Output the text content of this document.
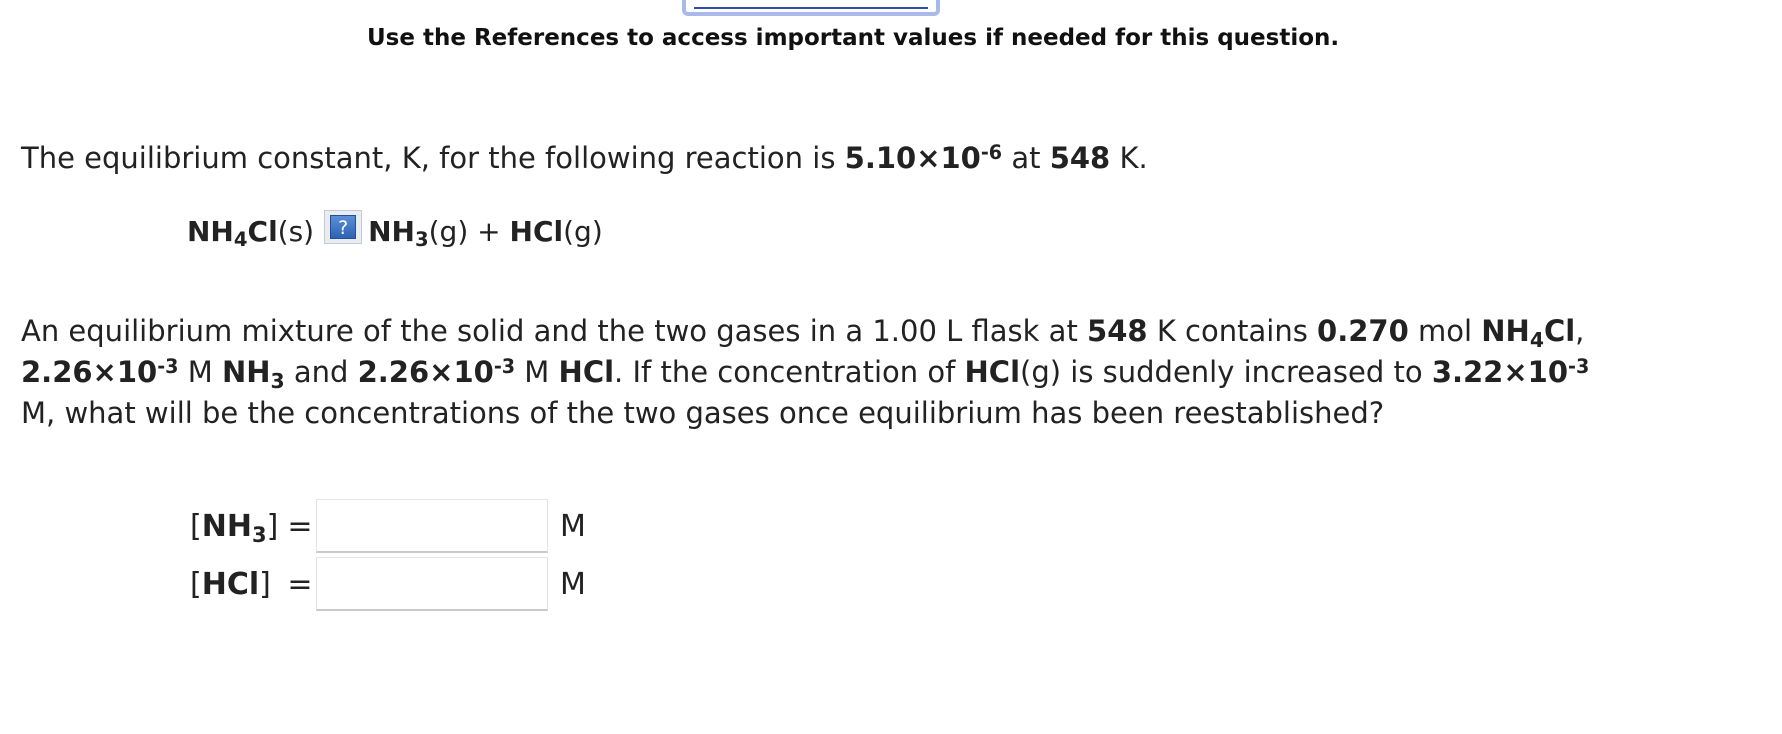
Use the References to access important values if needed for this question.
The equilibrium constant, K, for the following reaction is $5.10\times 10^{-6}$ at 548 K.
$NH_4Cl(s)$ ? $NH_3(g)$
+
HCl(g)
An equilibrium mixture of the solid and the two gases in a 1.00 L flask at 548 K contains 0.270 mol $NH_4Cl$,
$2.26\times 10^{-3}$ M $NH_3$ and $2.26\times 10^{-3}$ M HCl. If the concentration of HCl(g) is suddenly increased to $3.22\times 10^{-3}$ M, what will be the concentrations of the two gases once equilibrium has been reestablished?
$[NH_3]$ =	M
[HCl] =	M
